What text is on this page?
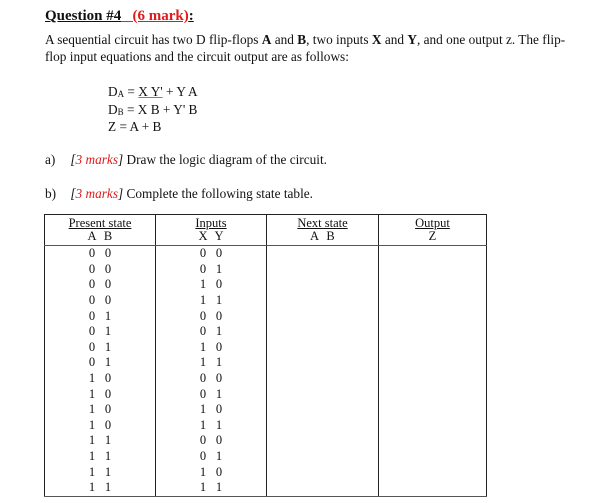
Question #4 (6 mark):
A sequential circuit has two D flip-flops A and B, two inputs X and Y, and one output z. The flip-flop input equations and the circuit output are as follows:
$D_A = X$ Y' + Y A
$D_B = X$ B + Y' B
Z = A + B
a) [3 marks] Draw the logic diagram of the circuit.
b) [3 marks] Complete the following state table.
Present state	Inputs	Next state	Output
A B	X Y	A B	Z
0 0	0 0		
0 0	0 1		
0 0	1 0		
0 0	1 1		
0 1	0 0		
0 1	0 1		
0 1	1 0		
0 1	1 1		
1 0	0 0		
1 0	0 1		
1 0	1 0		
1 0	1 1		
1 1	0 0		
1 1	0 1		
1 1	1 0		
1 1	1 1		
